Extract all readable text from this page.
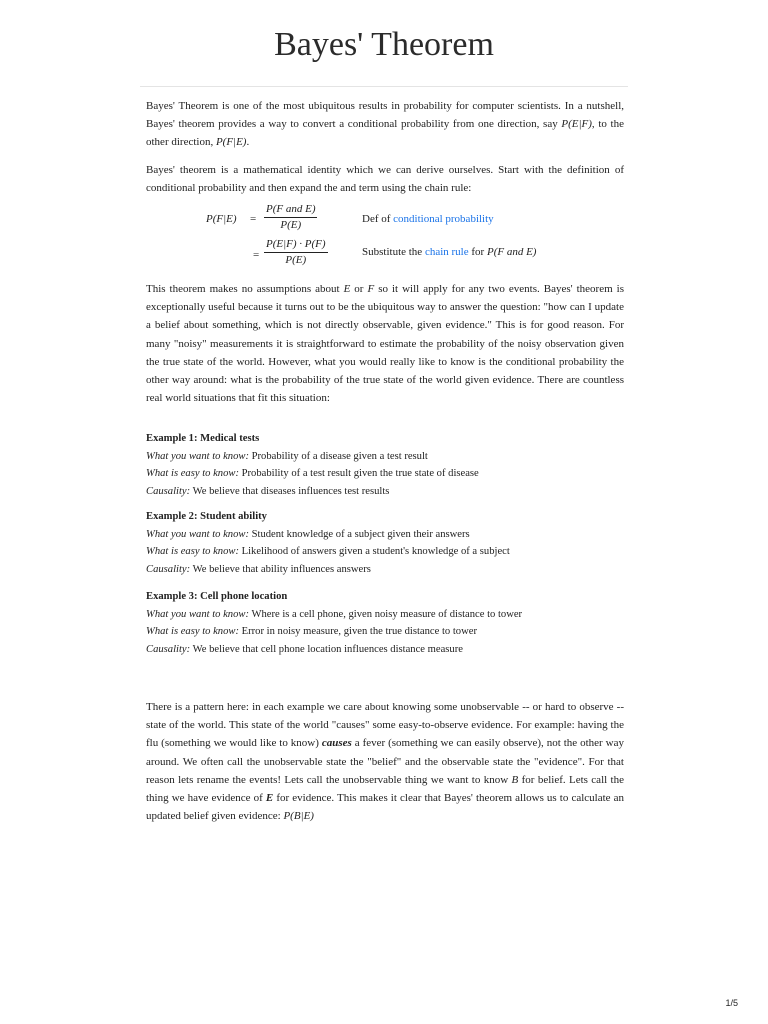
Bayes' Theorem

Bayes' Theorem is one of the most ubiquitous results in probability for computer scientists. In a nutshell, Bayes' theorem provides a way to convert a conditional probability from one direction, say P(E|F), to the other direction, P(F|E).

Bayes' theorem is a mathematical identity which we can derive ourselves. Start with the definition of conditional probability and then expand the and term using the chain rule:

P(F|E) =
P(F and E)
P(E)	Def of conditional probability
=
P(E|F) · P(F)
P(E)
Substitute the chain rule for P(F and E)

This theorem makes no assumptions about E or F so it will apply for any two events. Bayes' theorem is exceptionally useful because it turns out to be the ubiquitous way to answer the question: "how can I update a belief about something, which is not directly observable, given evidence." This is for good reason. For many "noisy" measurements it is straightforward to estimate the probability of the noisy observation given the true state of the world. However, what you would really like to know is the conditional probability the other way around: what is the probability of the true state of the world given evidence. There are countless real world situations that fit this situation:

Example 1: Medical tests
What you want to know: Probability of a disease given a test result
What is easy to know: Probability of a test result given the true state of disease
Causality: We believe that diseases influences test results
Example 2: Student ability
What you want to know: Student knowledge of a subject given their answers
What is easy to know: Likelihood of answers given a student's knowledge of a subject
Causality: We believe that ability influences answers
Example 3: Cell phone location
What you want to know: Where is a cell phone, given noisy measure of distance to tower
What is easy to know: Error in noisy measure, given the true distance to tower
Causality: We believe that cell phone location influences distance measure

There is a pattern here: in each example we care about knowing some unobservable -- or hard to observe -- state of the world. This state of the world "causes" some easy-to-observe evidence. For example: having the flu (something we would like to know) causes a fever (something we can easily observe), not the other way around. We often call the unobservable state the "belief" and the observable state the "evidence". For that reason lets rename the events! Lets call the unobservable thing we want to know B for belief. Lets call the thing we have evidence of E for evidence. This makes it clear that Bayes' theorem allows us to calculate an updated belief given evidence: P(B|E)

1/5
